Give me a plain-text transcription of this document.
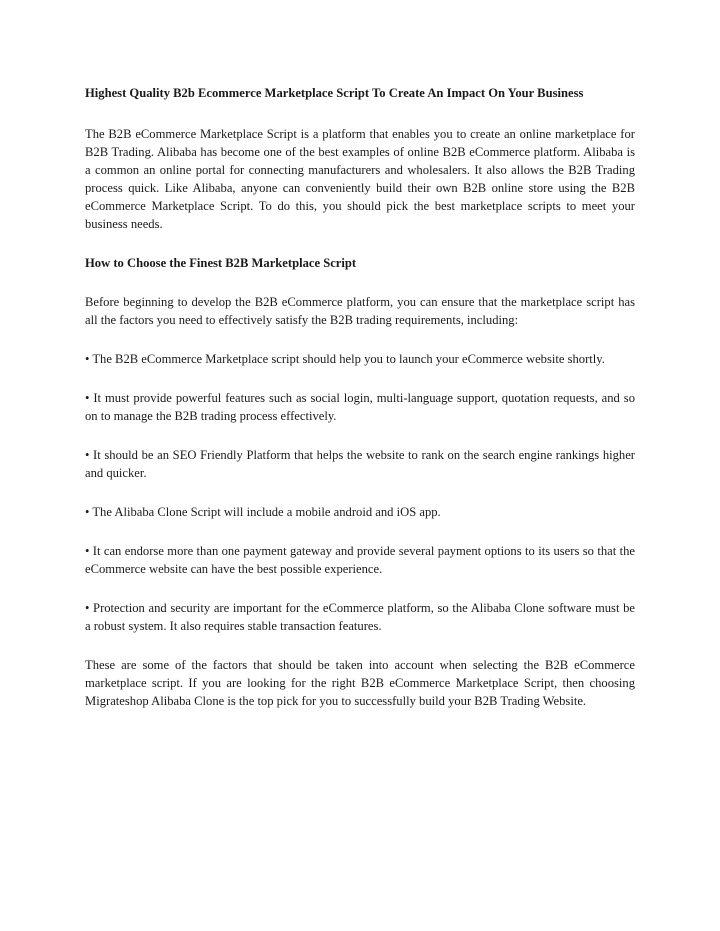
Highest Quality B2b Ecommerce Marketplace Script To Create An Impact On Your Business

The B2B eCommerce Marketplace Script is a platform that enables you to create an online marketplace for B2B Trading. Alibaba has become one of the best examples of online B2B eCommerce platform. Alibaba is a common an online portal for connecting manufacturers and wholesalers. It also allows the B2B Trading process quick. Like Alibaba, anyone can conveniently build their own B2B online store using the B2B eCommerce Marketplace Script. To do this, you should pick the best marketplace scripts to meet your business needs.

How to Choose the Finest B2B Marketplace Script

Before beginning to develop the B2B eCommerce platform, you can ensure that the marketplace script has all the factors you need to effectively satisfy the B2B trading requirements, including:

• The B2B eCommerce Marketplace script should help you to launch your eCommerce website shortly.

• It must provide powerful features such as social login, multi-language support, quotation requests, and so on to manage the B2B trading process effectively.

• It should be an SEO Friendly Platform that helps the website to rank on the search engine rankings higher and quicker.

• The Alibaba Clone Script will include a mobile android and iOS app.

• It can endorse more than one payment gateway and provide several payment options to its users so that the eCommerce website can have the best possible experience.

• Protection and security are important for the eCommerce platform, so the Alibaba Clone software must be a robust system. It also requires stable transaction features.

These are some of the factors that should be taken into account when selecting the B2B eCommerce marketplace script. If you are looking for the right B2B eCommerce Marketplace Script, then choosing Migrateshop Alibaba Clone is the top pick for you to successfully build your B2B Trading Website.
